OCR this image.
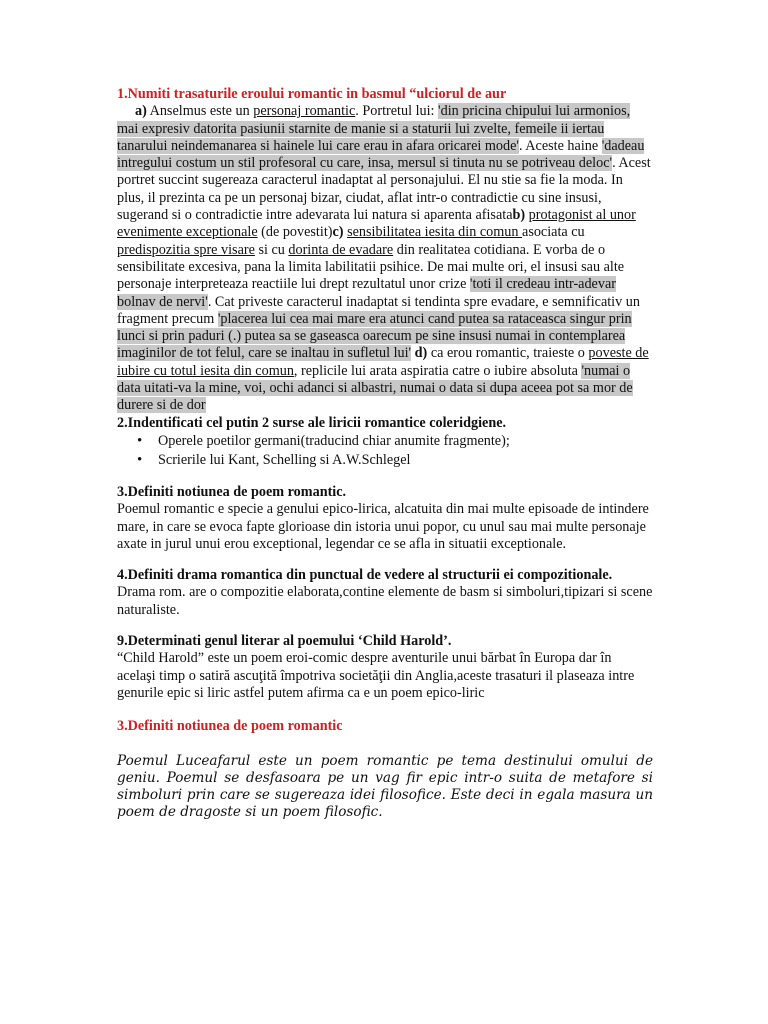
1.Numiti trasaturile eroului romantic in basmul “ulciorul de aur

a) Anselmus este un personaj romantic. Portretul lui: 'din pricina chipului lui armonios, mai expresiv datorita pasiunii starnite de manie si a staturii lui zvelte, femeile ii iertau tanarului neindemanarea si hainele lui care erau in afara oricarei mode'. Aceste haine 'dadeau intregului costum un stil profesoral cu care, insa, mersul si tinuta nu se potriveau deloc'. Acest portret succint sugereaza caracterul inadaptat al personajului. El nu stie sa fie la moda. In plus, il prezinta ca pe un personaj bizar, ciudat, aflat intr-o contradictie cu sine insusi, sugerand si o contradictie intre adevarata lui natura si aparenta afisatab) protagonist al unor evenimente exceptionale (de povestit)c) sensibilitatea iesita din comun asociata cu predispozitia spre visare si cu dorinta de evadare din realitatea cotidiana. E vorba de o sensibilitate excesiva, pana la limita labilitatii psihice. De mai multe ori, el insusi sau alte personaje interpreteaza reactiile lui drept rezultatul unor crize 'toti il credeau intr-adevar bolnav de nervi'. Cat priveste caracterul inadaptat si tendinta spre evadare, e semnificativ un fragment precum 'placerea lui cea mai mare era atunci cand putea sa rataceasca singur prin lunci si prin paduri (.) putea sa se gaseasca oarecum pe sine insusi numai in contemplarea imaginilor de tot felul, care se inaltau in sufletul lui' d) ca erou romantic, traieste o poveste de iubire cu totul iesita din comun, replicile lui arata aspiratia catre o iubire absoluta 'numai o data uitati-va la mine, voi, ochi adanci si albastri, numai o data si dupa aceea pot sa mor de durere si de dor

2.Indentificati cel putin 2 surse ale liricii romantice coleridgiene.

• Operele poetilor germani(traducind chiar anumite fragmente);
• Scrierile lui Kant, Schelling si A.W.Schlegel

3.Definiti notiunea de poem romantic.

Poemul romantic e specie a genului epico-lirica, alcatuita din mai multe episoade de intindere mare, in care se evoca fapte glorioase din istoria unui popor, cu unul sau mai multe personaje axate in jurul unui erou exceptional, legendar ce se afla in situatii exceptionale.

4.Definiti drama romantica din punctual de vedere al structurii ei compozitionale.

Drama rom. are o compozitie elaborata,contine elemente de basm si simboluri,tipizari si scene naturaliste.

9.Determinati genul literar al poemului ‘Child Harold’.

“Child Harold” este un poem eroi-comic despre aventurile unui bărbat în Europa dar în acelaşi timp o satiră ascuţită împotriva societăţii din Anglia,aceste trasaturi il plaseaza intre genurile epic si liric astfel putem afirma ca e un poem epico-liric

3.Definiti notiunea de poem romantic

Poemul Luceafarul este un poem romantic pe tema destinului omului de geniu. Poemul se desfasoara pe un vag fir epic intr-o suita de metafore si simboluri prin care se sugereaza idei filosofice. Este deci in egala masura un poem de dragoste si un poem filosofic.
